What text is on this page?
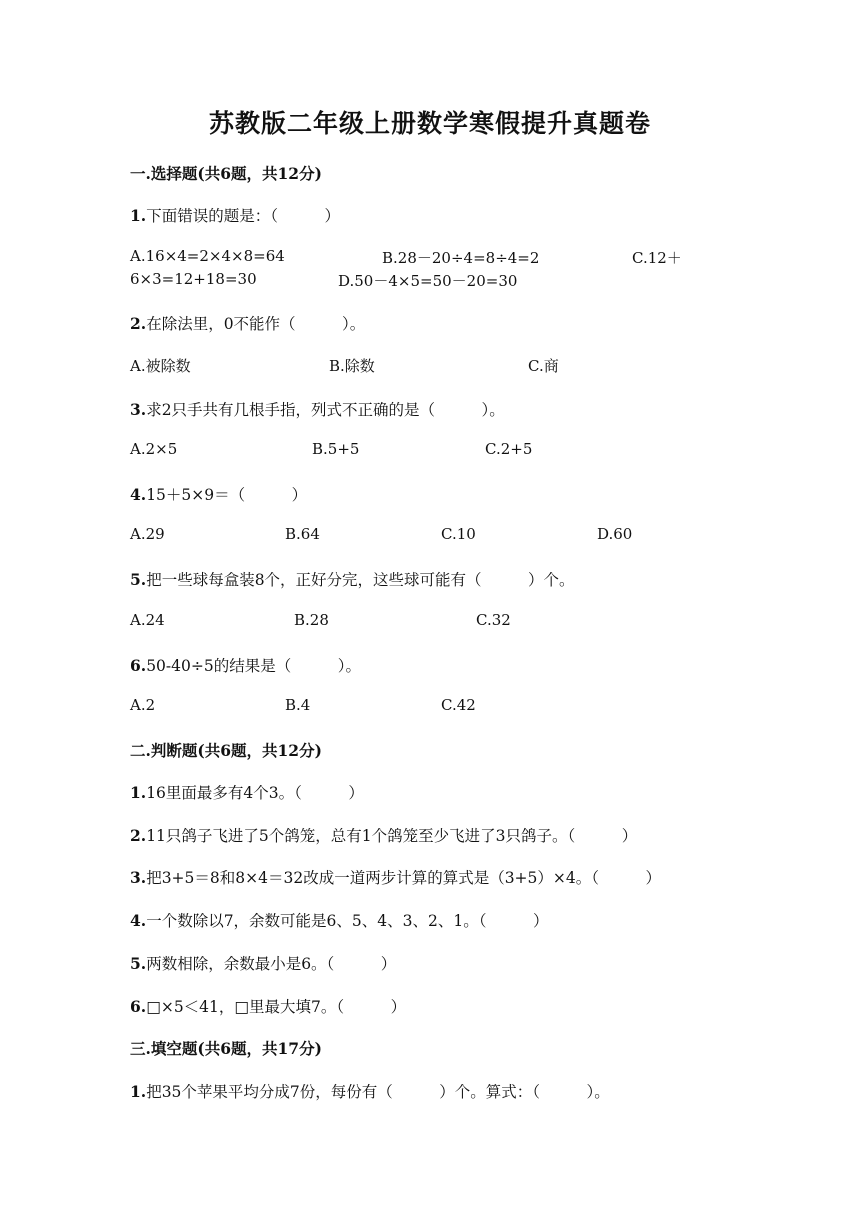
苏教版二年级上册数学寒假提升真题卷
一.选择题(共6题，共12分)
1.下面错误的题是：（　　　）
A.16×4=2×4×8=64	B.28－20÷4=8÷4=2	C.12＋
6×3=12+18=30	D.50－4×5=50－20=30
2.在除法里，0不能作（　　　）。
A.被除数	B.除数	C.商
3.求2只手共有几根手指，列式不正确的是（　　　）。
A.2×5	B.5+5	C.2+5
4.15＋5×9＝（　　　）
A.29	B.64	C.10	D.60
5.把一些球每盒装8个，正好分完，这些球可能有（　　　）个。
A.24	B.28	C.32
6.50-40÷5的结果是（　　　）。
A.2	B.4	C.42
二.判断题(共6题，共12分)
1.16里面最多有4个3。（　　　）
2.11只鸽子飞进了5个鸽笼，总有1个鸽笼至少飞进了3只鸽子。（　　　）
3.把3+5＝8和8×4＝32改成一道两步计算的算式是（3+5）×4。（　　　）
4.一个数除以7，余数可能是6、5、4、3、2、1。（　　　）
5.两数相除，余数最小是6。（　　　）
6.□×5＜41，□里最大填7。（　　　）
三.填空题(共6题，共17分)
1.把35个苹果平均分成7份，每份有（　　　）个。算式：（　　　）。
